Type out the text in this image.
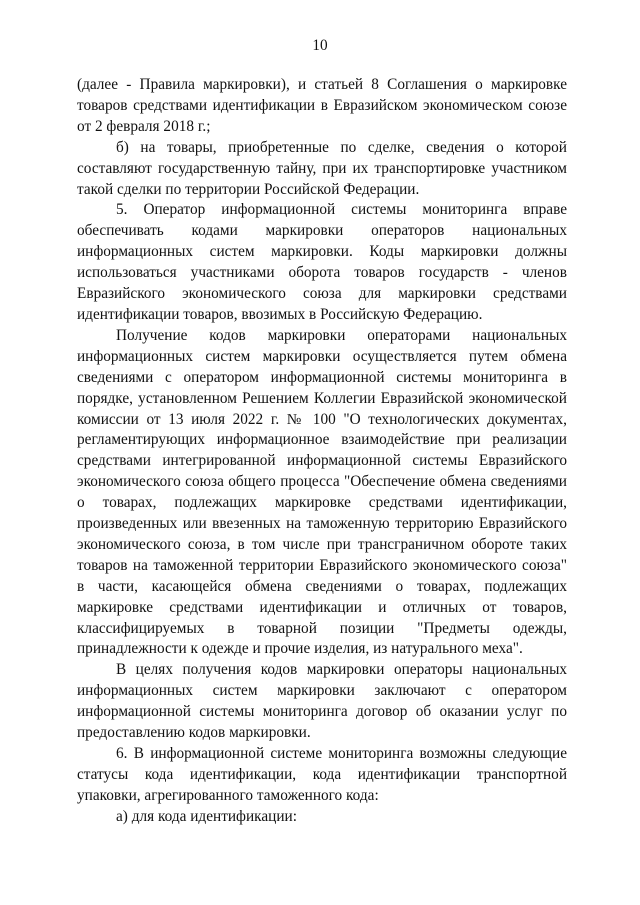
10

(далее - Правила маркировки), и статьей 8 Соглашения о маркировке товаров средствами идентификации в Евразийском экономическом союзе от 2 февраля 2018 г.;

б) на товары, приобретенные по сделке, сведения о которой составляют государственную тайну, при их транспортировке участником такой сделки по территории Российской Федерации.

5. Оператор информационной системы мониторинга вправе обеспечивать кодами маркировки операторов национальных информационных систем маркировки. Коды маркировки должны использоваться участниками оборота товаров государств - членов Евразийского экономического союза для маркировки средствами идентификации товаров, ввозимых в Российскую Федерацию.

Получение кодов маркировки операторами национальных информационных систем маркировки осуществляется путем обмена сведениями с оператором информационной системы мониторинга в порядке, установленном Решением Коллегии Евразийской экономической комиссии от 13 июля 2022 г. № 100 "О технологических документах, регламентирующих информационное взаимодействие при реализации средствами интегрированной информационной системы Евразийского экономического союза общего процесса "Обеспечение обмена сведениями о товарах, подлежащих маркировке средствами идентификации, произведенных или ввезенных на таможенную территорию Евразийского экономического союза, в том числе при трансграничном обороте таких товаров на таможенной территории Евразийского экономического союза" в части, касающейся обмена сведениями о товарах, подлежащих маркировке средствами идентификации и отличных от товаров, классифицируемых в товарной позиции "Предметы одежды, принадлежности к одежде и прочие изделия, из натурального меха".

В целях получения кодов маркировки операторы национальных информационных систем маркировки заключают с оператором информационной системы мониторинга договор об оказании услуг по предоставлению кодов маркировки.

6. В информационной системе мониторинга возможны следующие статусы кода идентификации, кода идентификации транспортной упаковки, агрегированного таможенного кода:

а) для кода идентификации:
